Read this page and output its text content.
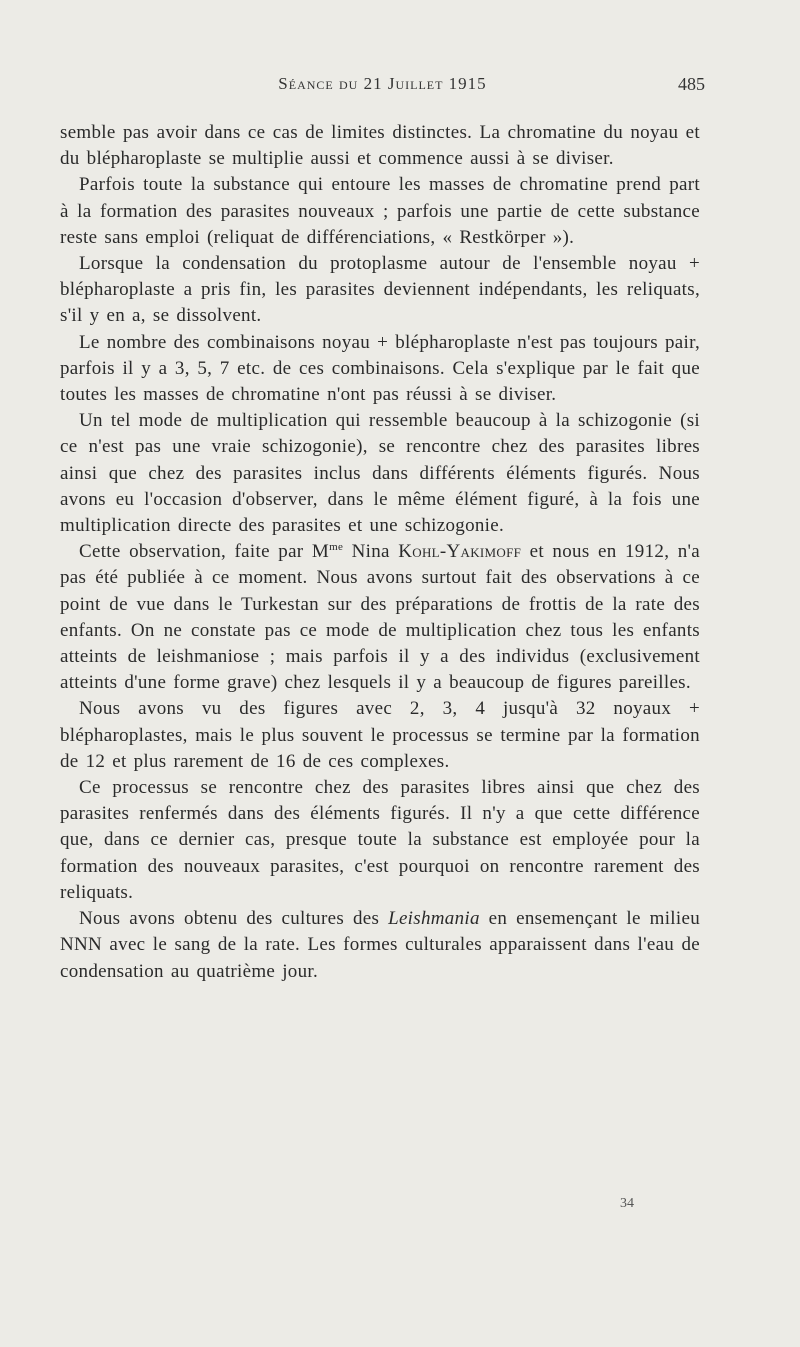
Séance du 21 Juillet 1915	485

semble pas avoir dans ce cas de limites distinctes. La chromatine du noyau et du blépharoplaste se multiplie aussi et commence aussi à se diviser.

Parfois toute la substance qui entoure les masses de chromatine prend part à la formation des parasites nouveaux ; parfois une partie de cette substance reste sans emploi (reliquat de différenciations, « Restkörper »).

Lorsque la condensation du protoplasme autour de l'ensemble noyau + blépharoplaste a pris fin, les parasites deviennent indépendants, les reliquats, s'il y en a, se dissolvent.

Le nombre des combinaisons noyau + blépharoplaste n'est pas toujours pair, parfois il y a 3, 5, 7 etc. de ces combinaisons. Cela s'explique par le fait que toutes les masses de chromatine n'ont pas réussi à se diviser.

Un tel mode de multiplication qui ressemble beaucoup à la schizogonie (si ce n'est pas une vraie schizogonie), se rencontre chez des parasites libres ainsi que chez des parasites inclus dans différents éléments figurés. Nous avons eu l'occasion d'observer, dans le même élément figuré, à la fois une multiplication directe des parasites et une schizogonie.

Cette observation, faite par $M^{me}$ Nina Kohl-Yakimoff et nous en 1912, n'a pas été publiée à ce moment. Nous avons surtout fait des observations à ce point de vue dans le Turkestan sur des préparations de frottis de la rate des enfants. On ne constate pas ce mode de multiplication chez tous les enfants atteints de leishmaniose ; mais parfois il y a des individus (exclusivement atteints d'une forme grave) chez lesquels il y a beaucoup de figures pareilles.

Nous avons vu des figures avec 2, 3, 4 jusqu'à 32 noyaux + blépharoplastes, mais le plus souvent le processus se termine par la formation de 12 et plus rarement de 16 de ces complexes.

Ce processus se rencontre chez des parasites libres ainsi que chez des parasites renfermés dans des éléments figurés. Il n'y a que cette différence que, dans ce dernier cas, presque toute la substance est employée pour la formation des nouveaux parasites, c'est pourquoi on rencontre rarement des reliquats.

Nous avons obtenu des cultures des Leishmania en ensemençant le milieu NNN avec le sang de la rate. Les formes culturales apparaissent dans l'eau de condensation au quatrième jour.

34
